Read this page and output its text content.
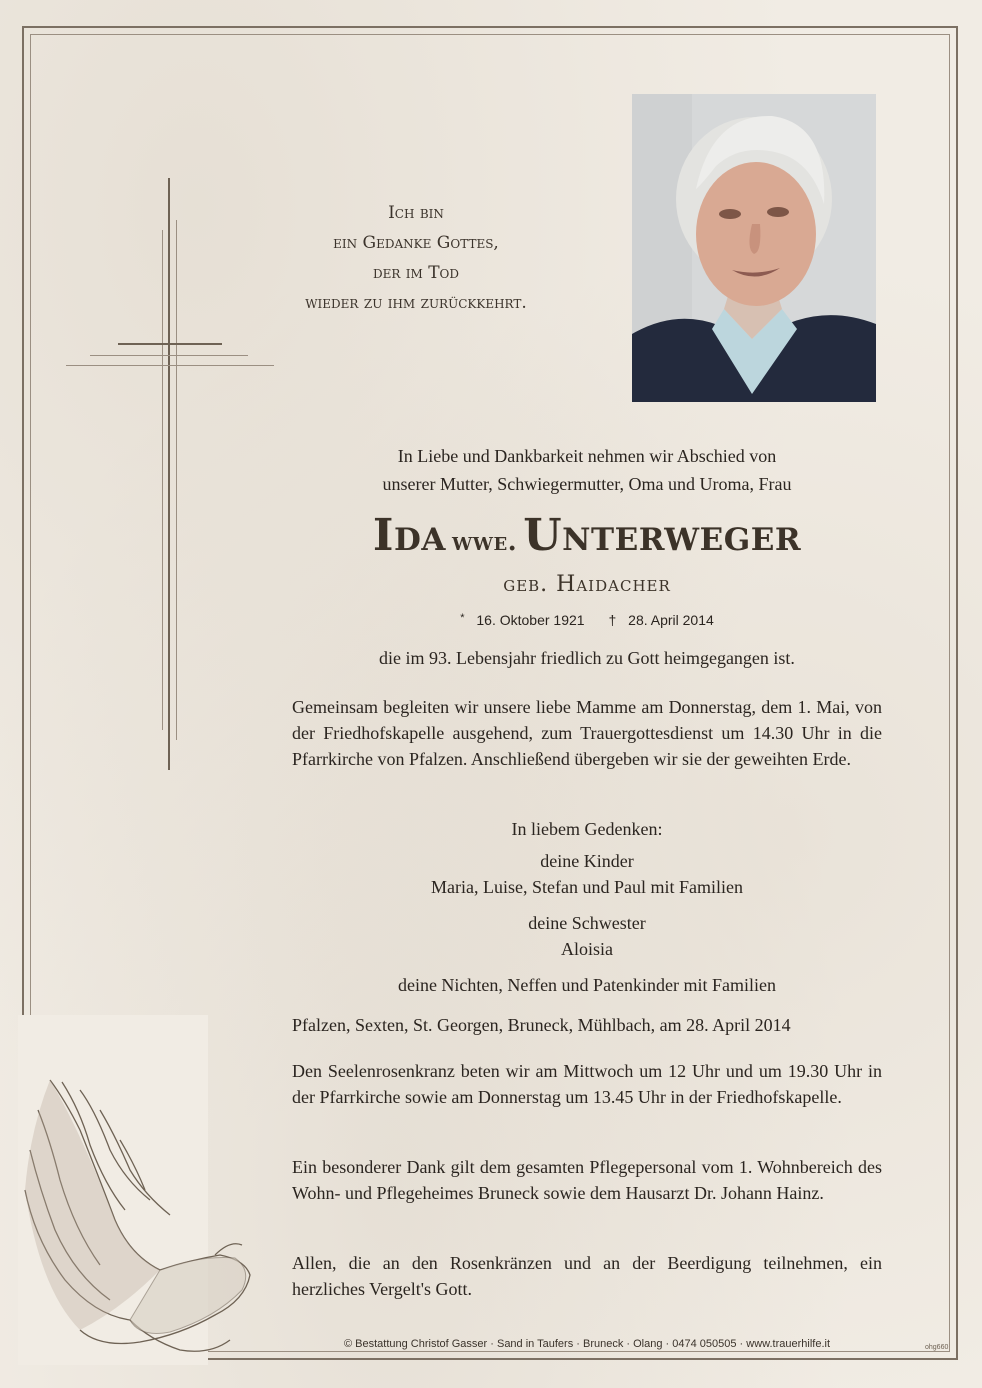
Ich bin
ein Gedanke Gottes,
der im Tod
wieder zu ihm zurückkehrt.
In Liebe und Dankbarkeit nehmen wir Abschied von
unserer Mutter, Schwiegermutter, Oma und Uroma, Frau
Ida wwe. Unterweger
geb. Haidacher
* 16. Oktober 1921 † 28. April 2014
die im 93. Lebensjahr friedlich zu Gott heimgegangen ist.
Gemeinsam begleiten wir unsere liebe Mamme am Donnerstag, dem 1. Mai, von der Friedhofskapelle ausgehend, zum Trauergottesdienst um 14.30 Uhr in die Pfarrkirche von Pfalzen. Anschließend übergeben wir sie der geweihten Erde.
In liebem Gedenken:
deine Kinder
Maria, Luise, Stefan und Paul mit Familien
deine Schwester
Aloisia
deine Nichten, Neffen und Patenkinder mit Familien
Pfalzen, Sexten, St. Georgen, Bruneck, Mühlbach, am 28. April 2014
Den Seelenrosenkranz beten wir am Mittwoch um 12 Uhr und um 19.30 Uhr in der Pfarrkirche sowie am Donnerstag um 13.45 Uhr in der Friedhofskapelle.
Ein besonderer Dank gilt dem gesamten Pflegepersonal vom 1. Wohnbereich des Wohn- und Pflegeheimes Bruneck sowie dem Hausarzt Dr. Johann Hainz.
Allen, die an den Rosenkränzen und an der Beerdigung teilnehmen, ein herzliches Vergelt's Gott.
© Bestattung Christof Gasser · Sand in Taufers · Bruneck · Olang · 0474 050505 · www.trauerhilfe.it	ohg660
